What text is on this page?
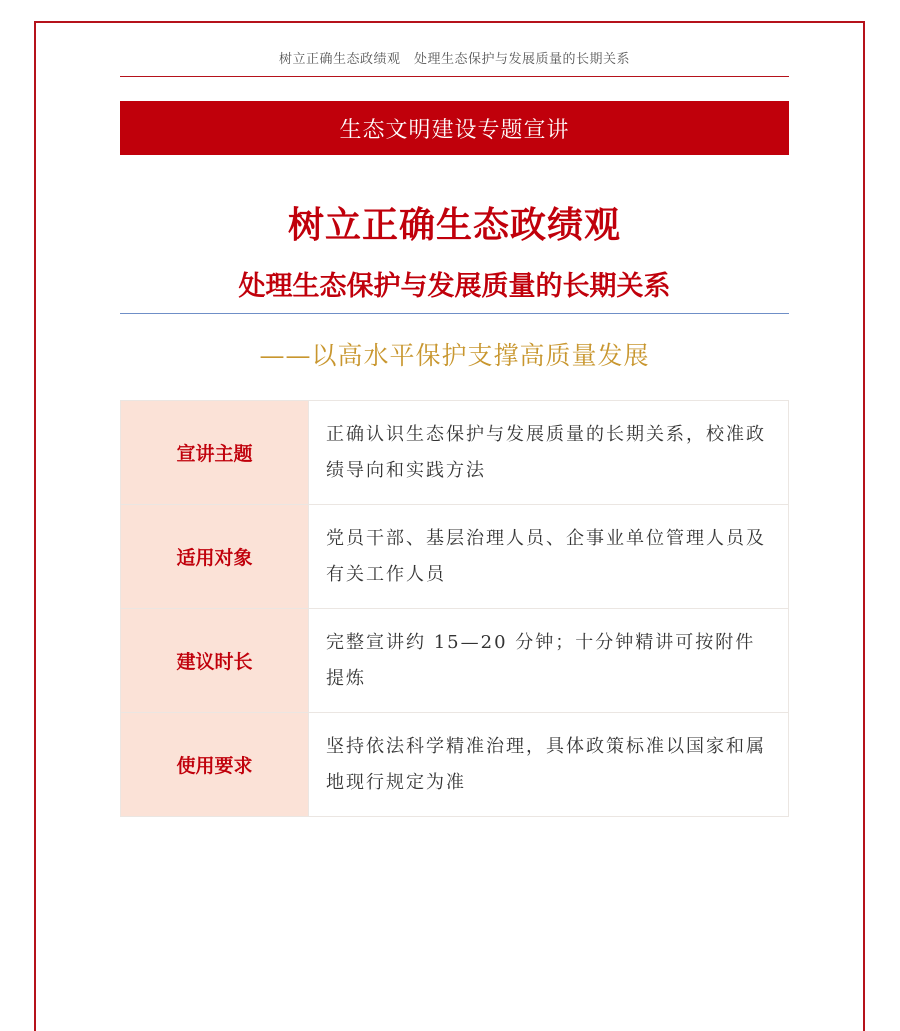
树立正确生态政绩观　处理生态保护与发展质量的长期关系
生态文明建设专题宣讲
树立正确生态政绩观
处理生态保护与发展质量的长期关系
——以高水平保护支撑高质量发展
宣讲主题	正确认识生态保护与发展质量的长期关系，校准政绩导向和实践方法
适用对象	党员干部、基层治理人员、企事业单位管理人员及有关工作人员
建议时长	完整宣讲约 15—20 分钟；十分钟精讲可按附件提炼
使用要求	坚持依法科学精准治理，具体政策标准以国家和属地现行规定为准
